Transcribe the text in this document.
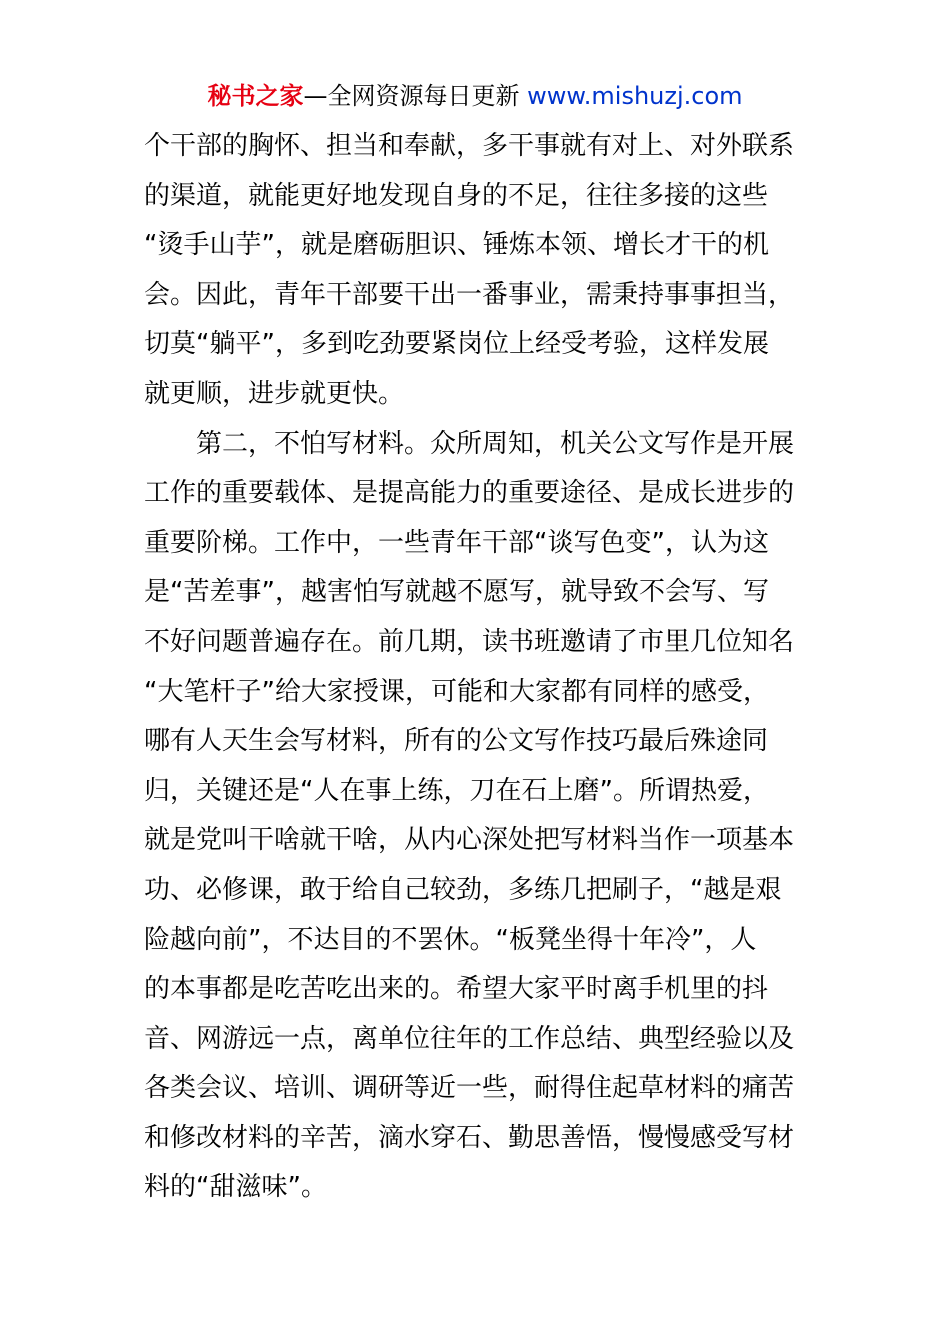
秘书之家—全网资源每日更新 www.mishuzj.com
个干部的胸怀、担当和奉献，多干事就有对上、对外联系
的渠道，就能更好地发现自身的不足，往往多接的这些
“烫手山芋”，就是磨砺胆识、锤炼本领、增长才干的机
会。因此，青年干部要干出一番事业，需秉持事事担当，
切莫“躺平”，多到吃劲要紧岗位上经受考验，这样发展
就更顺，进步就更快。
第二，不怕写材料。众所周知，机关公文写作是开展
工作的重要载体、是提高能力的重要途径、是成长进步的
重要阶梯。工作中，一些青年干部“谈写色变”，认为这
是“苦差事”，越害怕写就越不愿写，就导致不会写、写
不好问题普遍存在。前几期，读书班邀请了市里几位知名
“大笔杆子”给大家授课，可能和大家都有同样的感受，
哪有人天生会写材料，所有的公文写作技巧最后殊途同
归，关键还是“人在事上练，刀在石上磨”。所谓热爱，
就是党叫干啥就干啥，从内心深处把写材料当作一项基本
功、必修课，敢于给自己较劲，多练几把刷子，“越是艰
险越向前”，不达目的不罢休。“板凳坐得十年冷”，人
的本事都是吃苦吃出来的。希望大家平时离手机里的抖
音、网游远一点，离单位往年的工作总结、典型经验以及
各类会议、培训、调研等近一些，耐得住起草材料的痛苦
和修改材料的辛苦，滴水穿石、勤思善悟，慢慢感受写材
料的“甜滋味”。
